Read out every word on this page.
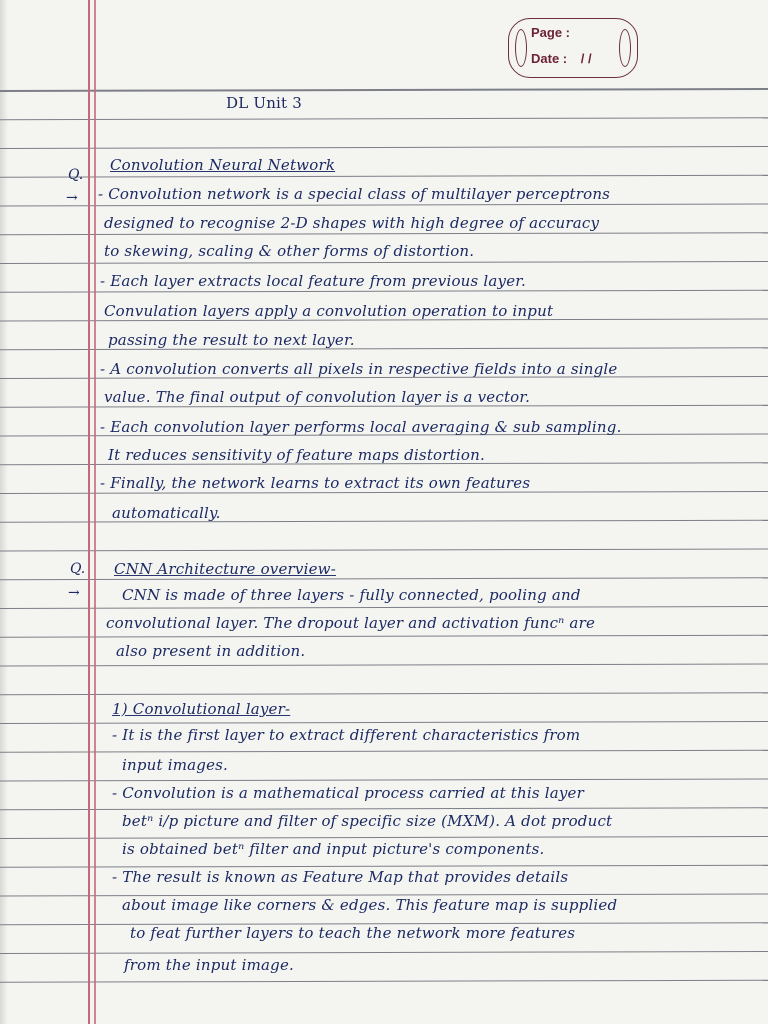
Page :
Date : / /
DL Unit 3
Q.
→
Q.
→
Convolution Neural Network
- Convolution network is a special class of multilayer perceptrons
designed to recognise 2-D shapes with high degree of accuracy
to skewing, scaling & other forms of distortion.
- Each layer extracts local feature from previous layer.
Convulation layers apply a convolution operation to input
passing the result to next layer.
- A convolution converts all pixels in respective fields into a single
value. The final output of convolution layer is a vector.
- Each convolution layer performs local averaging & sub sampling.
It reduces sensitivity of feature maps distortion.
- Finally, the network learns to extract its own features
automatically.
CNN Architecture overview-
CNN is made of three layers - fully connected, pooling and
convolutional layer. The dropout layer and activation funcⁿ are
also present in addition.
1) Convolutional layer-
- It is the first layer to extract different characteristics from
input images.
- Convolution is a mathematical process carried at this layer
betⁿ i/p picture and filter of specific size (MXM). A dot product
is obtained betⁿ filter and input picture's components.
- The result is known as Feature Map that provides details
about image like corners & edges. This feature map is supplied
to feat further layers to teach the network more features
from the input image.
